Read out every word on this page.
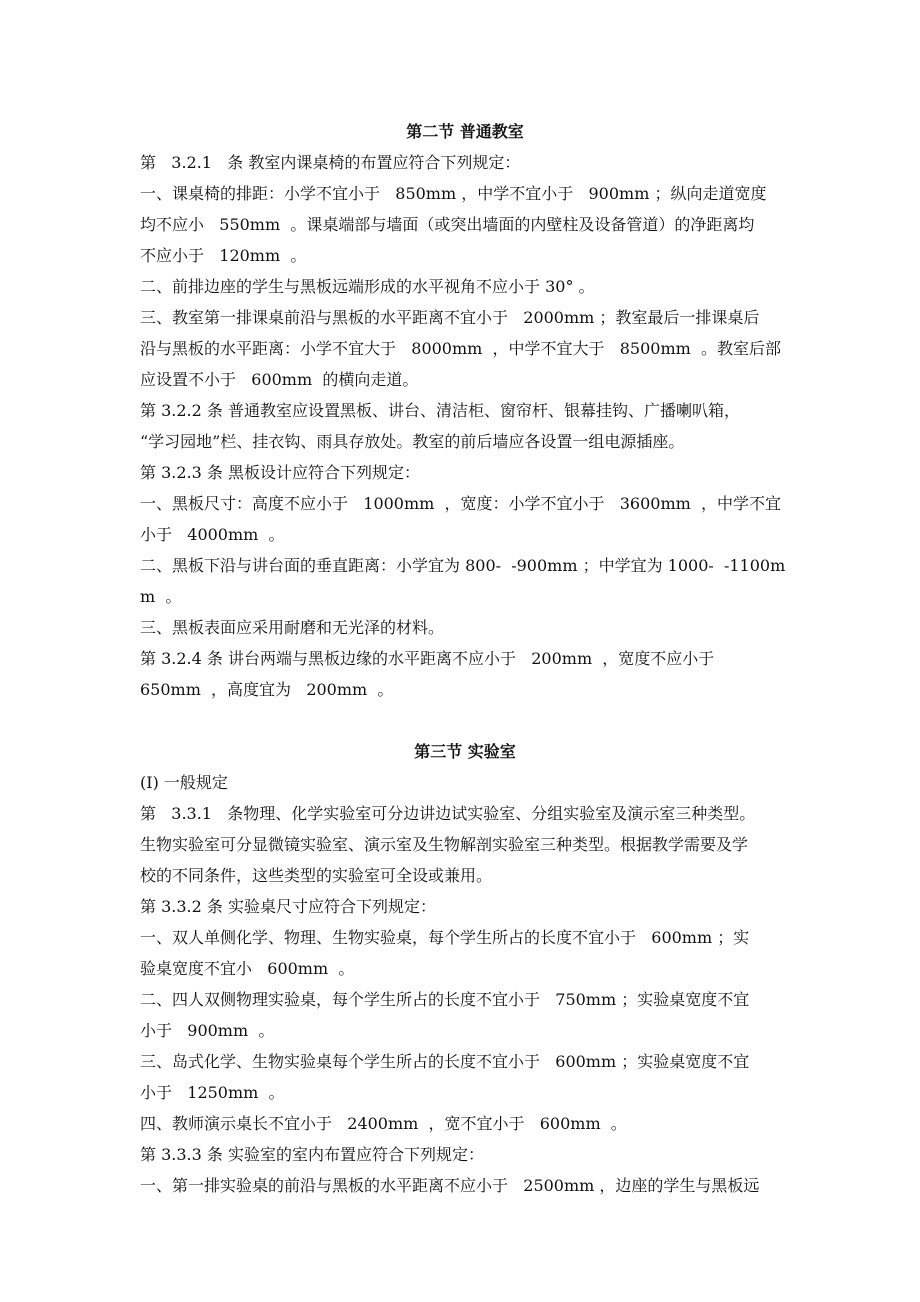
第二节 普通教室
第   3.2.1   条 教室内课桌椅的布置应符合下列规定：
一、课桌椅的排距：小学不宜小于   850mm ，中学不宜小于   900mm ；纵向走道宽度
均不应小   550mm  。课桌端部与墙面（或突出墙面的内壁柱及设备管道）的净距离均
不应小于   120mm  。
二、前排边座的学生与黑板远端形成的水平视角不应小于 30° 。
三、教室第一排课桌前沿与黑板的水平距离不宜小于   2000mm ；教室最后一排课桌后
沿与黑板的水平距离：小学不宜大于   8000mm  ，中学不宜大于   8500mm  。教室后部
应设置不小于   600mm  的横向走道。
第 3.2.2 条 普通教室应设置黑板、讲台、清洁柜、窗帘杆、银幕挂钩、广播喇叭箱，
“学习园地”栏、挂衣钩、雨具存放处。教室的前后墙应各设置一组电源插座。
第 3.2.3 条 黑板设计应符合下列规定：
一、黑板尺寸：高度不应小于   1000mm  ，宽度：小学不宜小于   3600mm  ，中学不宜
小于   4000mm  。
二、黑板下沿与讲台面的垂直距离：小学宜为 800-  -900mm ；中学宜为 1000-  -1100m
m  。
三、黑板表面应采用耐磨和无光泽的材料。
第 3.2.4 条 讲台两端与黑板边缘的水平距离不应小于   200mm  ，宽度不应小于
650mm  ，高度宜为   200mm  。
第三节 实验室
(I) 一般规定
第   3.3.1   条物理、化学实验室可分边讲边试实验室、分组实验室及演示室三种类型。
生物实验室可分显微镜实验室、演示室及生物解剖实验室三种类型。根据教学需要及学
校的不同条件，这些类型的实验室可全设或兼用。
第 3.3.2 条 实验桌尺寸应符合下列规定：
一、双人单侧化学、物理、生物实验桌，每个学生所占的长度不宜小于   600mm ；实
验桌宽度不宜小   600mm  。
二、四人双侧物理实验桌，每个学生所占的长度不宜小于   750mm ；实验桌宽度不宜
小于   900mm  。
三、岛式化学、生物实验桌每个学生所占的长度不宜小于   600mm ；实验桌宽度不宜
小于   1250mm  。
四、教师演示桌长不宜小于   2400mm  ，宽不宜小于   600mm  。
第 3.3.3 条 实验室的室内布置应符合下列规定：
一、第一排实验桌的前沿与黑板的水平距离不应小于   2500mm ，边座的学生与黑板远
